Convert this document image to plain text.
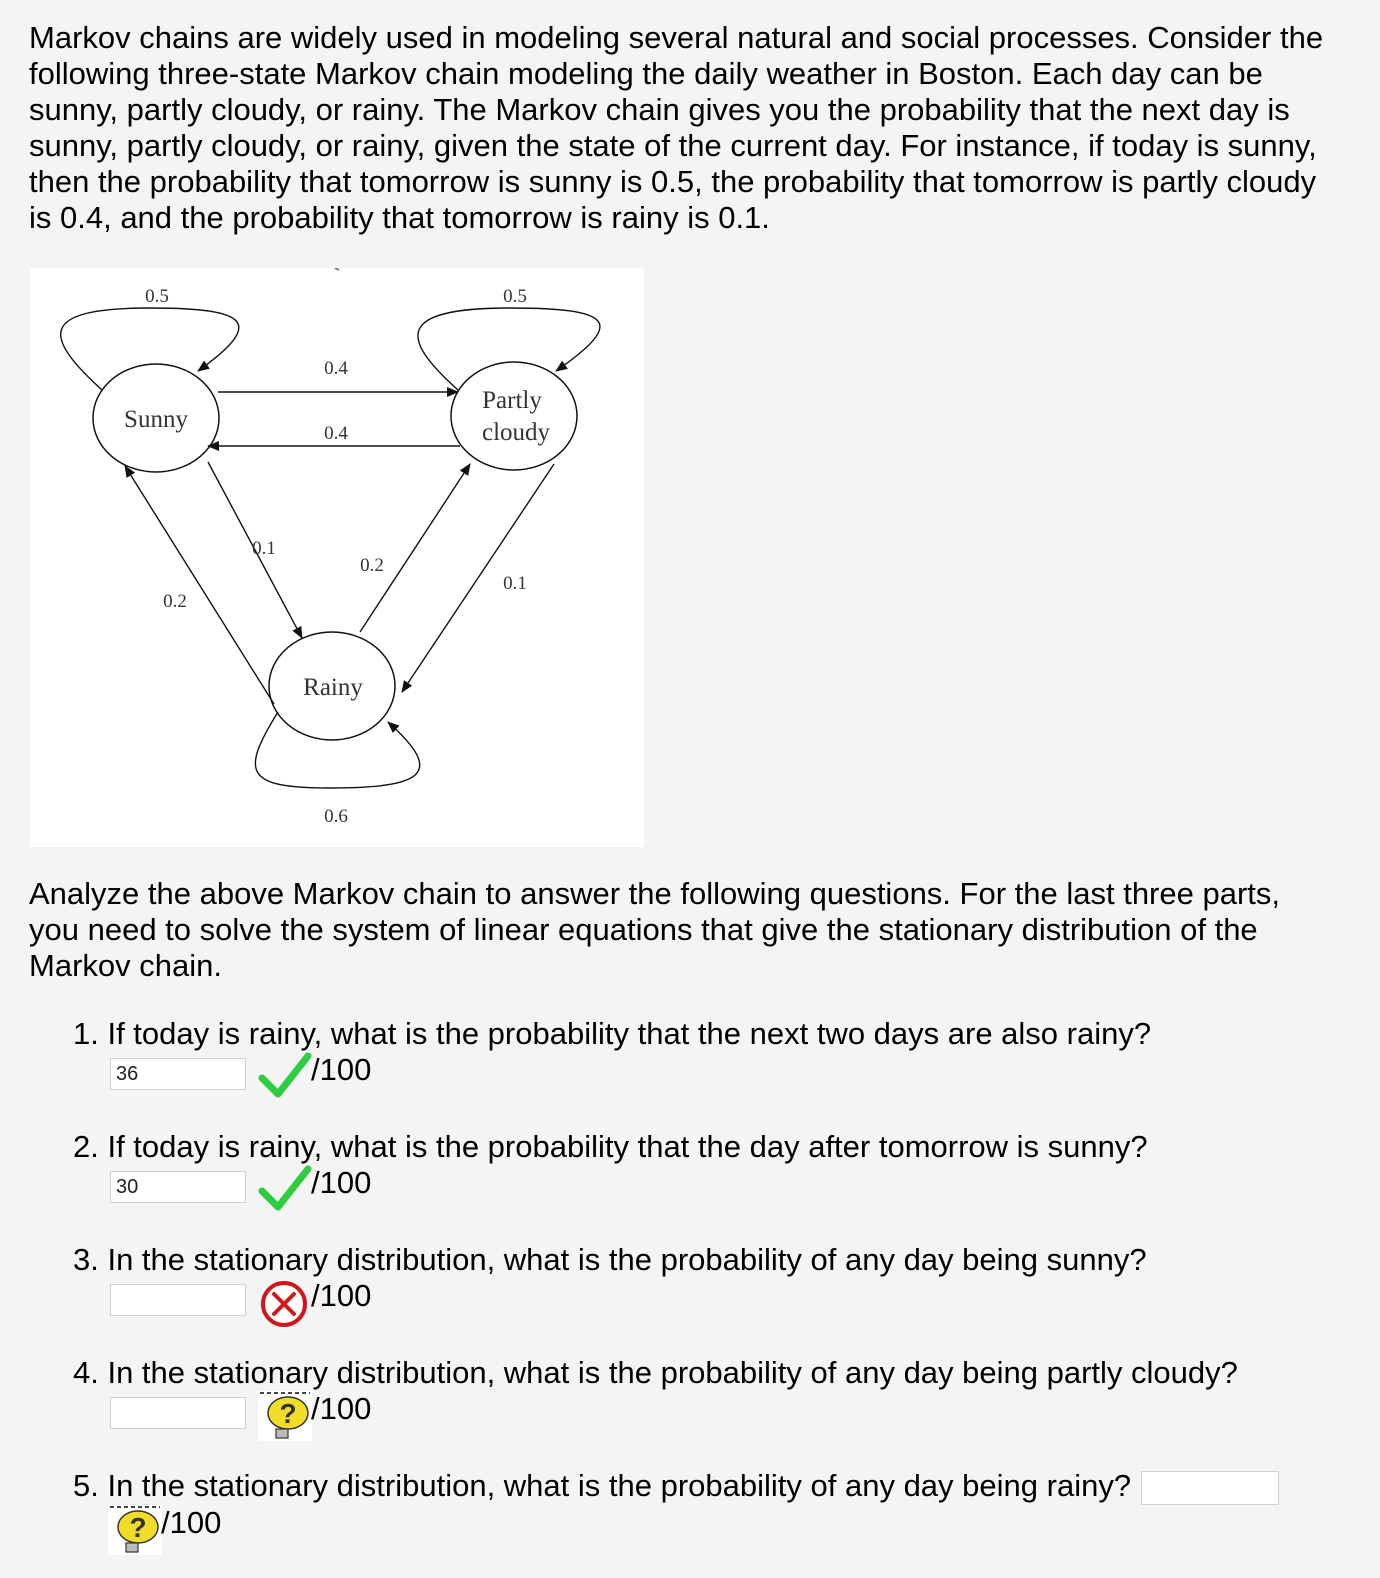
Markov chains are widely used in modeling several natural and social processes. Consider the following three-state Markov chain modeling the daily weather in Boston. Each day can be sunny, partly cloudy, or rainy. The Markov chain gives you the probability that the next day is sunny, partly cloudy, or rainy, given the state of the current day. For instance, if today is sunny, then the probability that tomorrow is sunny is 0.5, the probability that tomorrow is partly cloudy is 0.4, and the probability that tomorrow is rainy is 0.1.

Sunny
Partly
cloudy
Rainy
0.5	0.5
0.4
0.4
0.1
0.2
0.2
0.1
0.6

Analyze the above Markov chain to answer the following questions. For the last three parts, you need to solve the system of linear equations that give the stationary distribution of the Markov chain.

1. If today is rainy, what is the probability that the next two days are also rainy?
36	/100
2. If today is rainy, what is the probability that the day after tomorrow is sunny?
30	/100
3. In the stationary distribution, what is the probability of any day being sunny?
/100
4. In the stationary distribution, what is the probability of any day being partly cloudy?
? /100
5. In the stationary distribution, what is the probability of any day being rainy?
? /100
